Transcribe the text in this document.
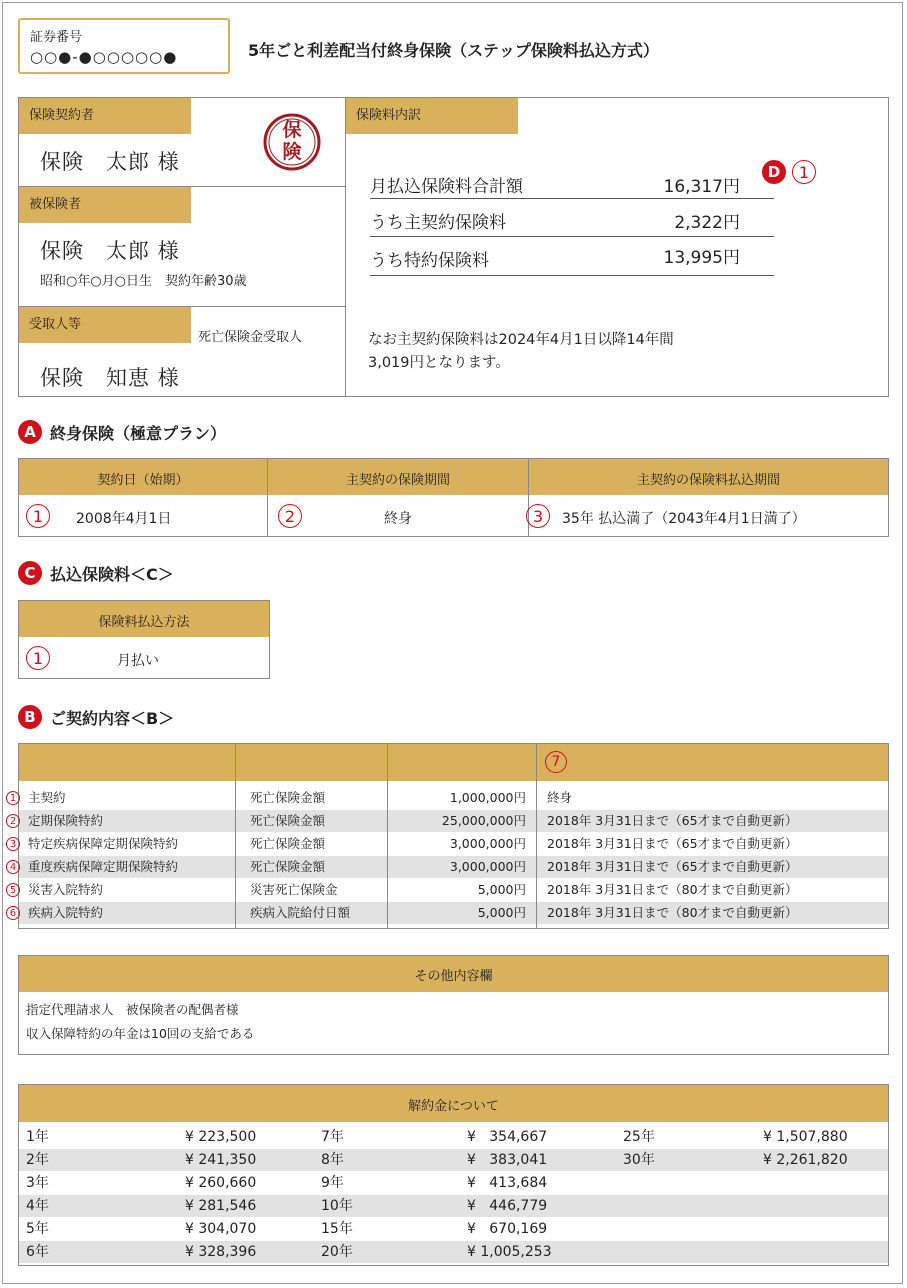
証券番号
○○●-●○○○○○●	5年ごと利差配当付終身保険（ステップ保険料払込方式）
保険契約者
保険　太郎 様
保険
被保険者
保険　太郎 様
昭和○年○月○日生　契約年齢30歳
受取人等
死亡保険金受取人
保険　知恵 様
保険料内訳
月払込保険料合計額	16,317円
D	1
うち主契約保険料	2,322円
うち特約保険料	13,995円
なお主契約保険料は2024年4月1日以降14年間
3,019円となります。
A 終身保険（極意プラン）
契約日（始期）	主契約の保険期間	主契約の保険料払込期間
1	2	3
2008年4月1日	終身	35年 払込満了（2043年4月1日満了）
C 払込保険料＜C＞
保険料払込方法
1	月払い
B ご契約内容＜B＞
7
1 主契約	死亡保険金額	1,000,000円 終身
2 定期保険特約	死亡保険金額	25,000,000円 2018年 3月31日まで（65才まで自動更新）
3 特定疾病保障定期保険特約	死亡保険金額	3,000,000円 2018年 3月31日まで（65才まで自動更新）
4 重度疾病保障定期保険特約	死亡保険金額	3,000,000円 2018年 3月31日まで（65才まで自動更新）
5 災害入院特約	災害死亡保険金	5,000円 2018年 3月31日まで（80才まで自動更新）
6 疾病入院特約	疾病入院給付日額	5,000円 2018年 3月31日まで（80才まで自動更新）
その他内容欄
指定代理請求人　被保険者の配偶者様
収入保障特約の年金は10回の支給である
解約金について
1年	¥ 223,500	7年	¥   354,667	25年	¥ 1,507,880
2年	¥ 241,350	8年	¥   383,041	30年	¥ 2,261,820
3年	¥ 260,660	9年	¥   413,684
4年	¥ 281,546	10年	¥   446,779
5年	¥ 304,070	15年	¥   670,169
6年	¥ 328,396	20年	¥ 1,005,253
